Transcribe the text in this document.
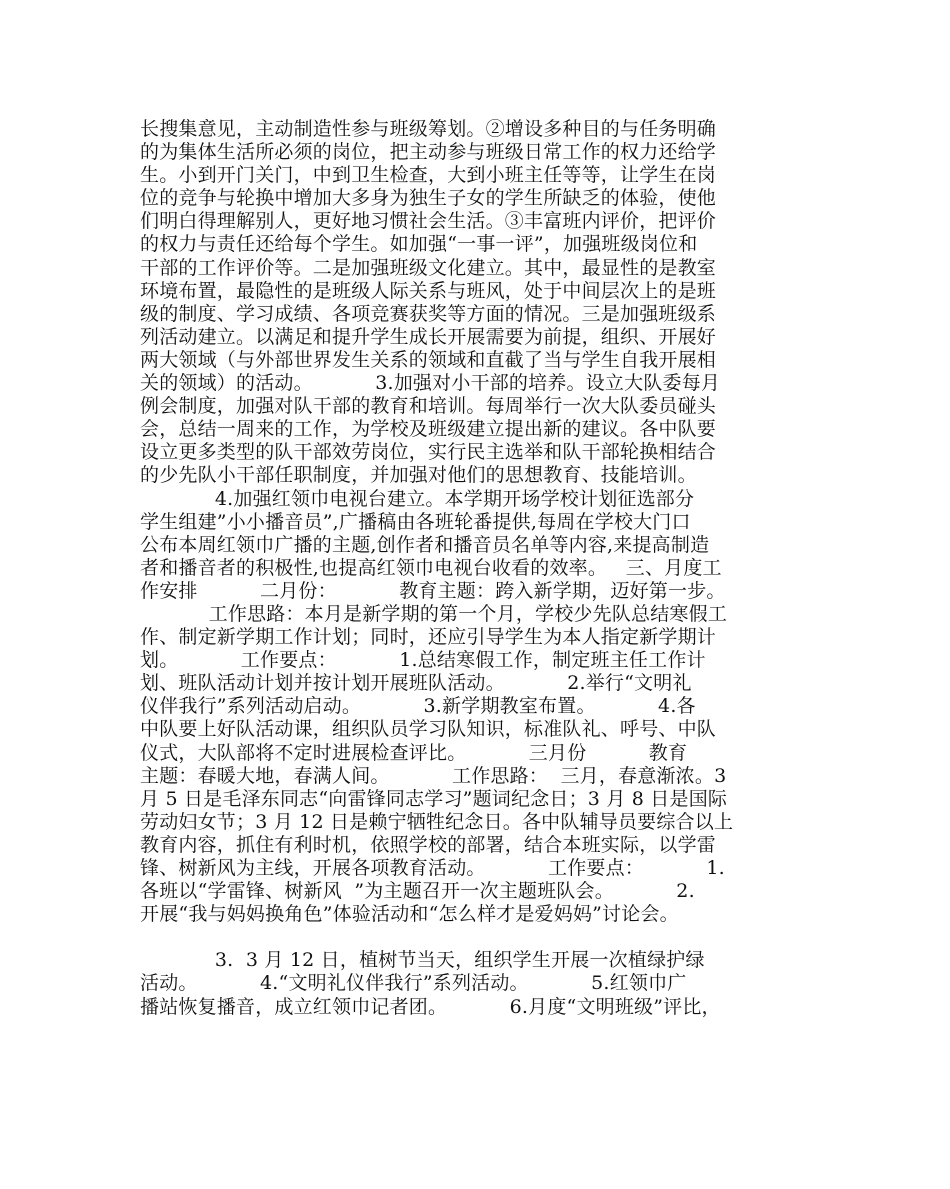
长搜集意见，主动制造性参与班级筹划。②增设多种目的与任务明确
的为集体生活所必须的岗位，把主动参与班级日常工作的权力还给学
生。小到开门关门，中到卫生检查，大到小班主任等等，让学生在岗
位的竞争与轮换中增加大多身为独生子女的学生所缺乏的体验，使他
们明白得理解别人，更好地习惯社会生活。③丰富班内评价，把评价
的权力与责任还给每个学生。如加强“一事一评”，加强班级岗位和
干部的工作评价等。二是加强班级文化建立。其中，最显性的是教室
环境布置，最隐性的是班级人际关系与班风，处于中间层次上的是班
级的制度、学习成绩、各项竞赛获奖等方面的情况。三是加强班级系
列活动建立。以满足和提升学生成长开展需要为前提，组织、开展好
两大领域（与外部世界发生关系的领域和直截了当与学生自我开展相
关的领域）的活动。          3.加强对小干部的培养。设立大队委每月
例会制度，加强对队干部的教育和培训。每周举行一次大队委员碰头
会，总结一周来的工作，为学校及班级建立提出新的建议。各中队要
设立更多类型的队干部效劳岗位，实行民主选举和队干部轮换相结合
的少先队小干部任职制度，并加强对他们的思想教育、技能培训。
4.加强红领巾电视台建立。本学期开场学校计划征选部分
学生组建”小小播音员”,广播稿由各班轮番提供,每周在学校大门口
公布本周红领巾广播的主题,创作者和播音员名单等内容,来提高制造
者和播音者的积极性,也提高红领巾电视台收看的效率。   三、月度工
作安排          二月份：          教育主题：跨入新学期，迈好第一步。
工作思路：本月是新学期的第一个月，学校少先队总结寒假工
作、制定新学期工作计划；同时，还应引导学生为本人指定新学期计
划。          工作要点：          1.总结寒假工作，制定班主任工作计
划、班队活动计划并按计划开展班队活动。          2.举行“文明礼
仪伴我行”系列活动启动。          3.新学期教室布置。          4.各
中队要上好队活动课，组织队员学习队知识，标准队礼、呼号、中队
仪式，大队部将不定时进展检查评比。          三月份          教育
主题：春暖大地，春满人间。          工作思路：  三月，春意渐浓。3
月 5 日是毛泽东同志“向雷锋同志学习”题词纪念日；3 月 8 日是国际
劳动妇女节；3 月 12 日是赖宁牺牲纪念日。各中队辅导员要综合以上
教育内容，抓住有利时机，依照学校的部署，结合本班实际，以学雷
锋、树新风为主线，开展各项教育活动。          工作要点：          1.
各班以“学雷锋、树新风  ”为主题召开一次主题班队会。          2.
开展“我与妈妈换角色”体验活动和“怎么样才是爱妈妈”讨论会。
3.  3 月 12 日，植树节当天，组织学生开展一次植绿护绿
活动。          4.“文明礼仪伴我行”系列活动。          5.红领巾广
播站恢复播音，成立红领巾记者团。          6.月度“文明班级”评比，
